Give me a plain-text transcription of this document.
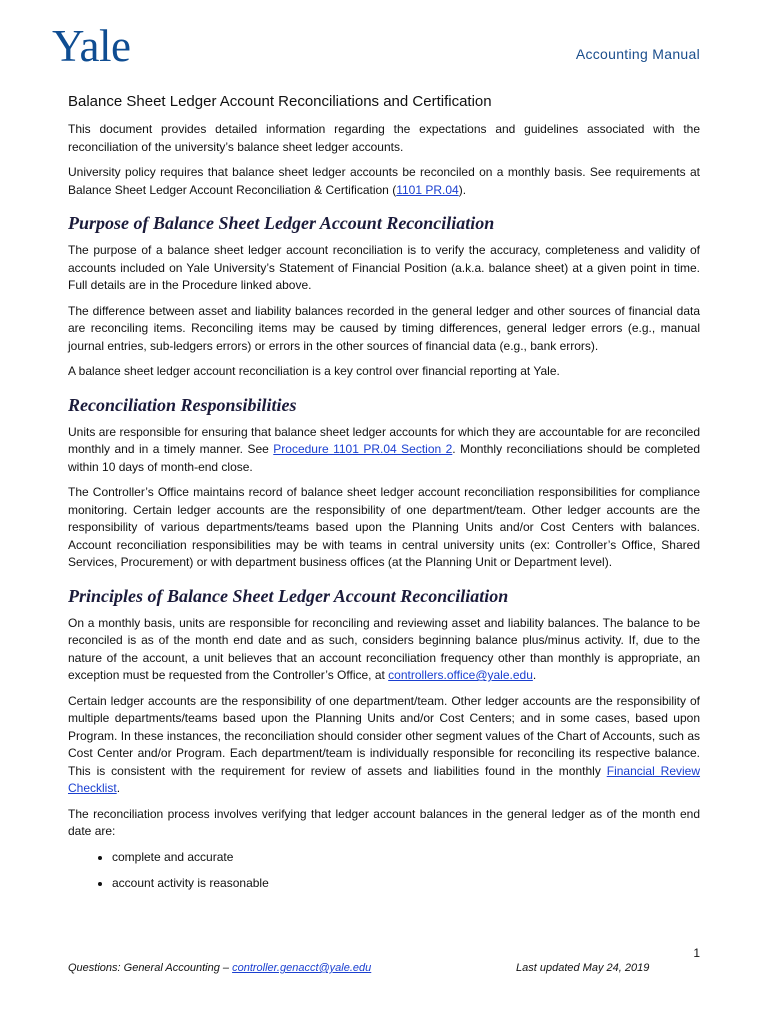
Yale	Accounting Manual
Balance Sheet Ledger Account Reconciliations and Certification

This document provides detailed information regarding the expectations and guidelines associated with the reconciliation of the university’s balance sheet ledger accounts.

University policy requires that balance sheet ledger accounts be reconciled on a monthly basis. See requirements at Balance Sheet Ledger Account Reconciliation & Certification (1101 PR.04).

Purpose of Balance Sheet Ledger Account Reconciliation

The purpose of a balance sheet ledger account reconciliation is to verify the accuracy, completeness and validity of accounts included on Yale University’s Statement of Financial Position (a.k.a. balance sheet) at a given point in time. Full details are in the Procedure linked above.

The difference between asset and liability balances recorded in the general ledger and other sources of financial data are reconciling items. Reconciling items may be caused by timing differences, general ledger errors (e.g., manual journal entries, sub-ledgers errors) or errors in the other sources of financial data (e.g., bank errors).

A balance sheet ledger account reconciliation is a key control over financial reporting at Yale.

Reconciliation Responsibilities

Units are responsible for ensuring that balance sheet ledger accounts for which they are accountable for are reconciled monthly and in a timely manner. See Procedure 1101 PR.04 Section 2. Monthly reconciliations should be completed within 10 days of month-end close.

The Controller’s Office maintains record of balance sheet ledger account reconciliation responsibilities for compliance monitoring. Certain ledger accounts are the responsibility of one department/team. Other ledger accounts are the responsibility of various departments/teams based upon the Planning Units and/or Cost Centers with balances. Account reconciliation responsibilities may be with teams in central university units (ex: Controller’s Office, Shared Services, Procurement) or with department business offices (at the Planning Unit or Department level).

Principles of Balance Sheet Ledger Account Reconciliation

On a monthly basis, units are responsible for reconciling and reviewing asset and liability balances. The balance to be reconciled is as of the month end date and as such, considers beginning balance plus/minus activity. If, due to the nature of the account, a unit believes that an account reconciliation frequency other than monthly is appropriate, an exception must be requested from the Controller’s Office, at controllers.office@yale.edu.

Certain ledger accounts are the responsibility of one department/team. Other ledger accounts are the responsibility of multiple departments/teams based upon the Planning Units and/or Cost Centers; and in some cases, based upon Program. In these instances, the reconciliation should consider other segment values of the Chart of Accounts, such as Cost Center and/or Program. Each department/team is individually responsible for reconciling its respective balance. This is consistent with the requirement for review of assets and liabilities found in the monthly Financial Review Checklist.

The reconciliation process involves verifying that ledger account balances in the general ledger as of the month end date are:

• complete and accurate
• account activity is reasonable
1
Questions: General Accounting – controller.genacct@yale.edu	Last updated May 24, 2019
